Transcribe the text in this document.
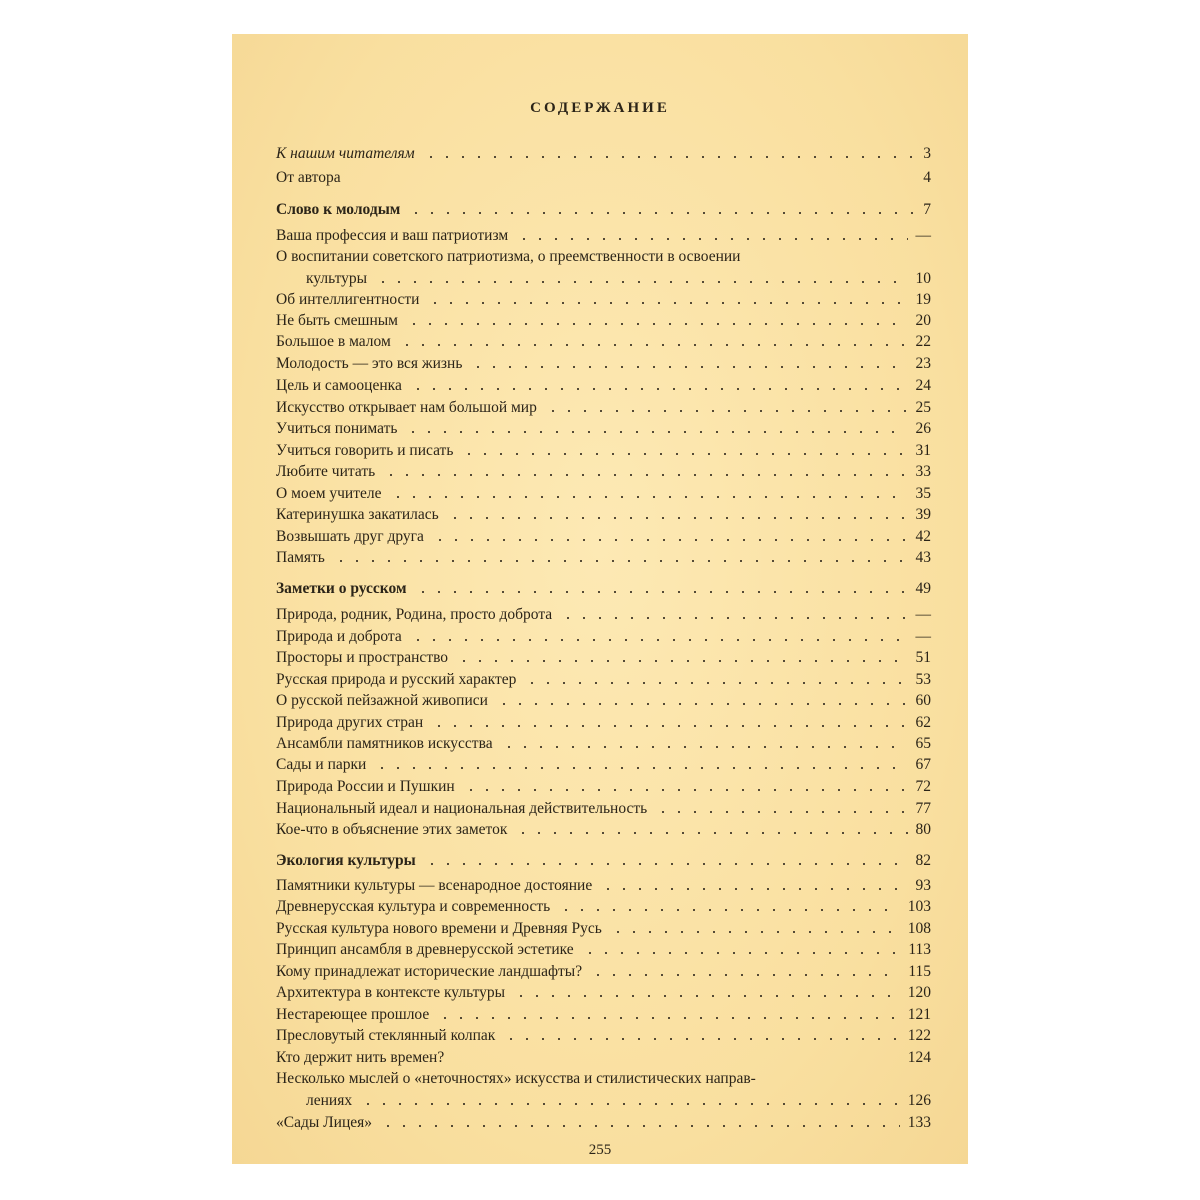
СОДЕРЖАНИЕ
К нашим читателям	3
От автора	4
Слово к молодым	7
Ваша профессия и ваш патриотизм	—
О воспитании советского патриотизма, о преемственности в освоении
культуры	10
Об интеллигентности	19
Не быть смешным	20
Большое в малом	22
Молодость — это вся жизнь	23
Цель и самооценка	24
Искусство открывает нам большой мир	25
Учиться понимать	26
Учиться говорить и писать	31
Любите читать	33
О моем учителе	35
Катеринушка закатилась	39
Возвышать друг друга	42
Память	43
Заметки о русском	49
Природа, родник, Родина, просто доброта	—
Природа и доброта	—
Просторы и пространство	51
Русская природа и русский характер	53
О русской пейзажной живописи	60
Природа других стран	62
Ансамбли памятников искусства	65
Сады и парки	67
Природа России и Пушкин	72
Национальный идеал и национальная действительность	77
Кое-что в объяснение этих заметок	80
Экология культуры	82
Памятники культуры — всенародное достояние	93
Древнерусская культура и современность	103
Русская культура нового времени и Древняя Русь	108
Принцип ансамбля в древнерусской эстетике	113
Кому принадлежат исторические ландшафты?	115
Архитектура в контексте культуры	120
Нестареющее прошлое	121
Пресловутый стеклянный колпак	122
Кто держит нить времен?	124
Несколько мыслей о «неточностях» искусства и стилистических направ-
лениях	126
«Сады Лицея»	133
255
